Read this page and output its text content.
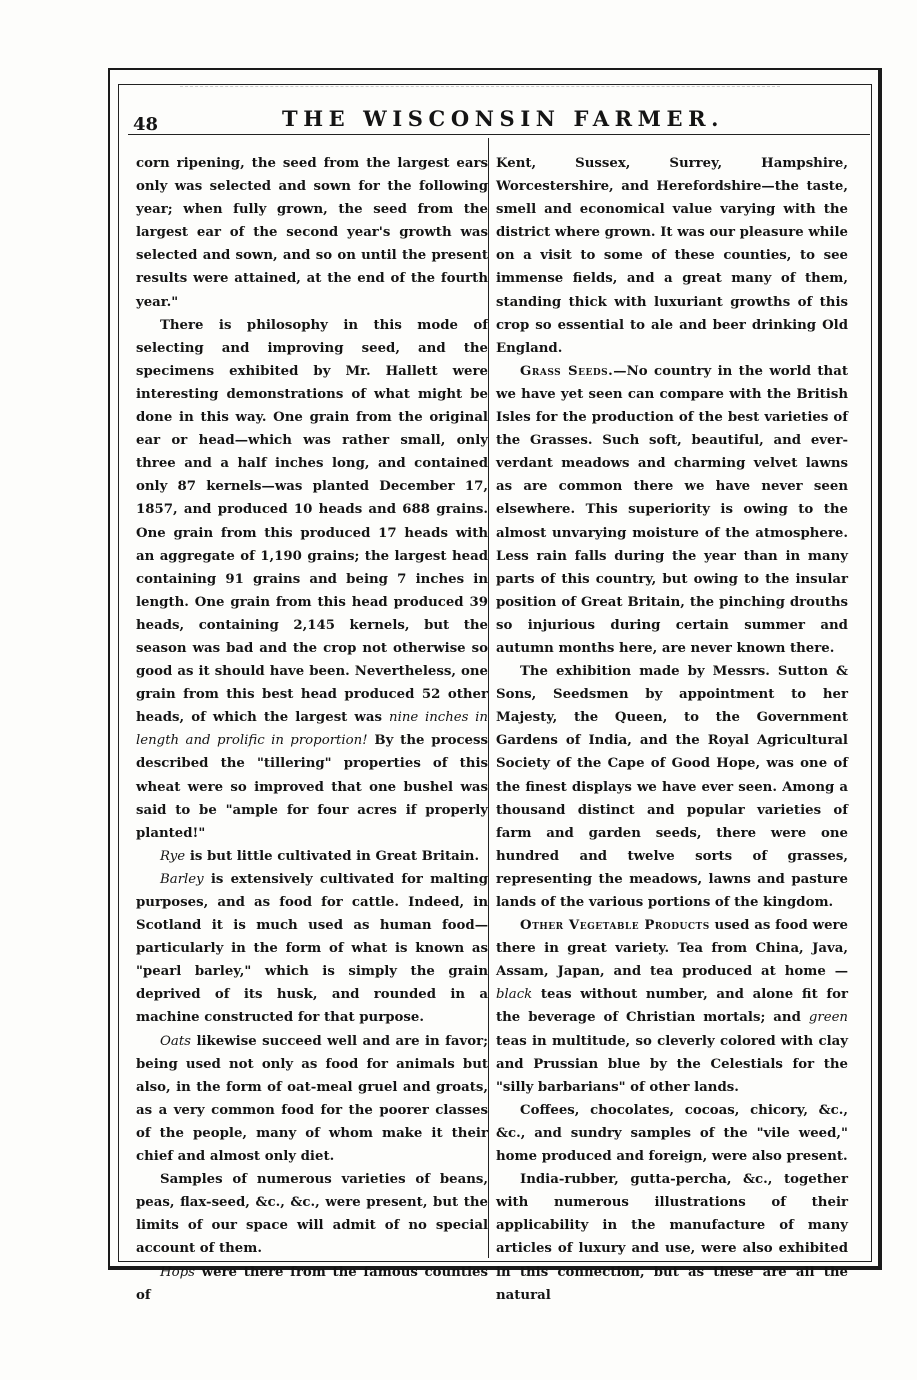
48	THE WISCONSIN FARMER.

corn ripening, the seed from the largest ears only was selected and sown for the following year; when fully grown, the seed from the largest ear of the second year's growth was selected and sown, and so on until the present results were attained, at the end of the fourth year."

There is philosophy in this mode of selecting and improving seed, and the specimens exhibited by Mr. Hallett were interesting demonstrations of what might be done in this way. One grain from the original ear or head—which was rather small, only three and a half inches long, and contained only 87 kernels—was planted December 17, 1857, and produced 10 heads and 688 grains. One grain from this produced 17 heads with an aggregate of 1,190 grains; the largest head containing 91 grains and being 7 inches in length. One grain from this head produced 39 heads, containing 2,145 kernels, but the season was bad and the crop not otherwise so good as it should have been. Nevertheless, one grain from this best head produced 52 other heads, of which the largest was nine inches in length and prolific in proportion! By the process described the "tillering" properties of this wheat were so improved that one bushel was said to be "ample for four acres if properly planted!"

Rye is but little cultivated in Great Britain.

Barley is extensively cultivated for malting purposes, and as food for cattle. Indeed, in Scotland it is much used as human food—particularly in the form of what is known as "pearl barley," which is simply the grain deprived of its husk, and rounded in a machine constructed for that purpose.

Oats likewise succeed well and are in favor; being used not only as food for animals but also, in the form of oat-meal gruel and groats, as a very common food for the poorer classes of the people, many of whom make it their chief and almost only diet.

Samples of numerous varieties of beans, peas, flax-seed, &c., &c., were present, but the limits of our space will admit of no special account of them.

Hops were there from the famous counties of

Kent, Sussex, Surrey, Hampshire, Worcestershire, and Herefordshire—the taste, smell and economical value varying with the district where grown. It was our pleasure while on a visit to some of these counties, to see immense fields, and a great many of them, standing thick with luxuriant growths of this crop so essential to ale and beer drinking Old England.

Grass Seeds.—No country in the world that we have yet seen can compare with the British Isles for the production of the best varieties of the Grasses. Such soft, beautiful, and ever-verdant meadows and charming velvet lawns as are common there we have never seen elsewhere. This superiority is owing to the almost unvarying moisture of the atmosphere. Less rain falls during the year than in many parts of this country, but owing to the insular position of Great Britain, the pinching drouths so injurious during certain summer and autumn months here, are never known there.

The exhibition made by Messrs. Sutton & Sons, Seedsmen by appointment to her Majesty, the Queen, to the Government Gardens of India, and the Royal Agricultural Society of the Cape of Good Hope, was one of the finest displays we have ever seen. Among a thousand distinct and popular varieties of farm and garden seeds, there were one hundred and twelve sorts of grasses, representing the meadows, lawns and pasture lands of the various portions of the kingdom.

Other Vegetable Products used as food were there in great variety. Tea from China, Java, Assam, Japan, and tea produced at home —black teas without number, and alone fit for the beverage of Christian mortals; and green teas in multitude, so cleverly colored with clay and Prussian blue by the Celestials for the "silly barbarians" of other lands.

Coffees, chocolates, cocoas, chicory, &c., &c., and sundry samples of the "vile weed," home produced and foreign, were also present.

India-rubber, gutta-percha, &c., together with numerous illustrations of their applicability in the manufacture of many articles of luxury and use, were also exhibited in this connection, but as these are all the natural
